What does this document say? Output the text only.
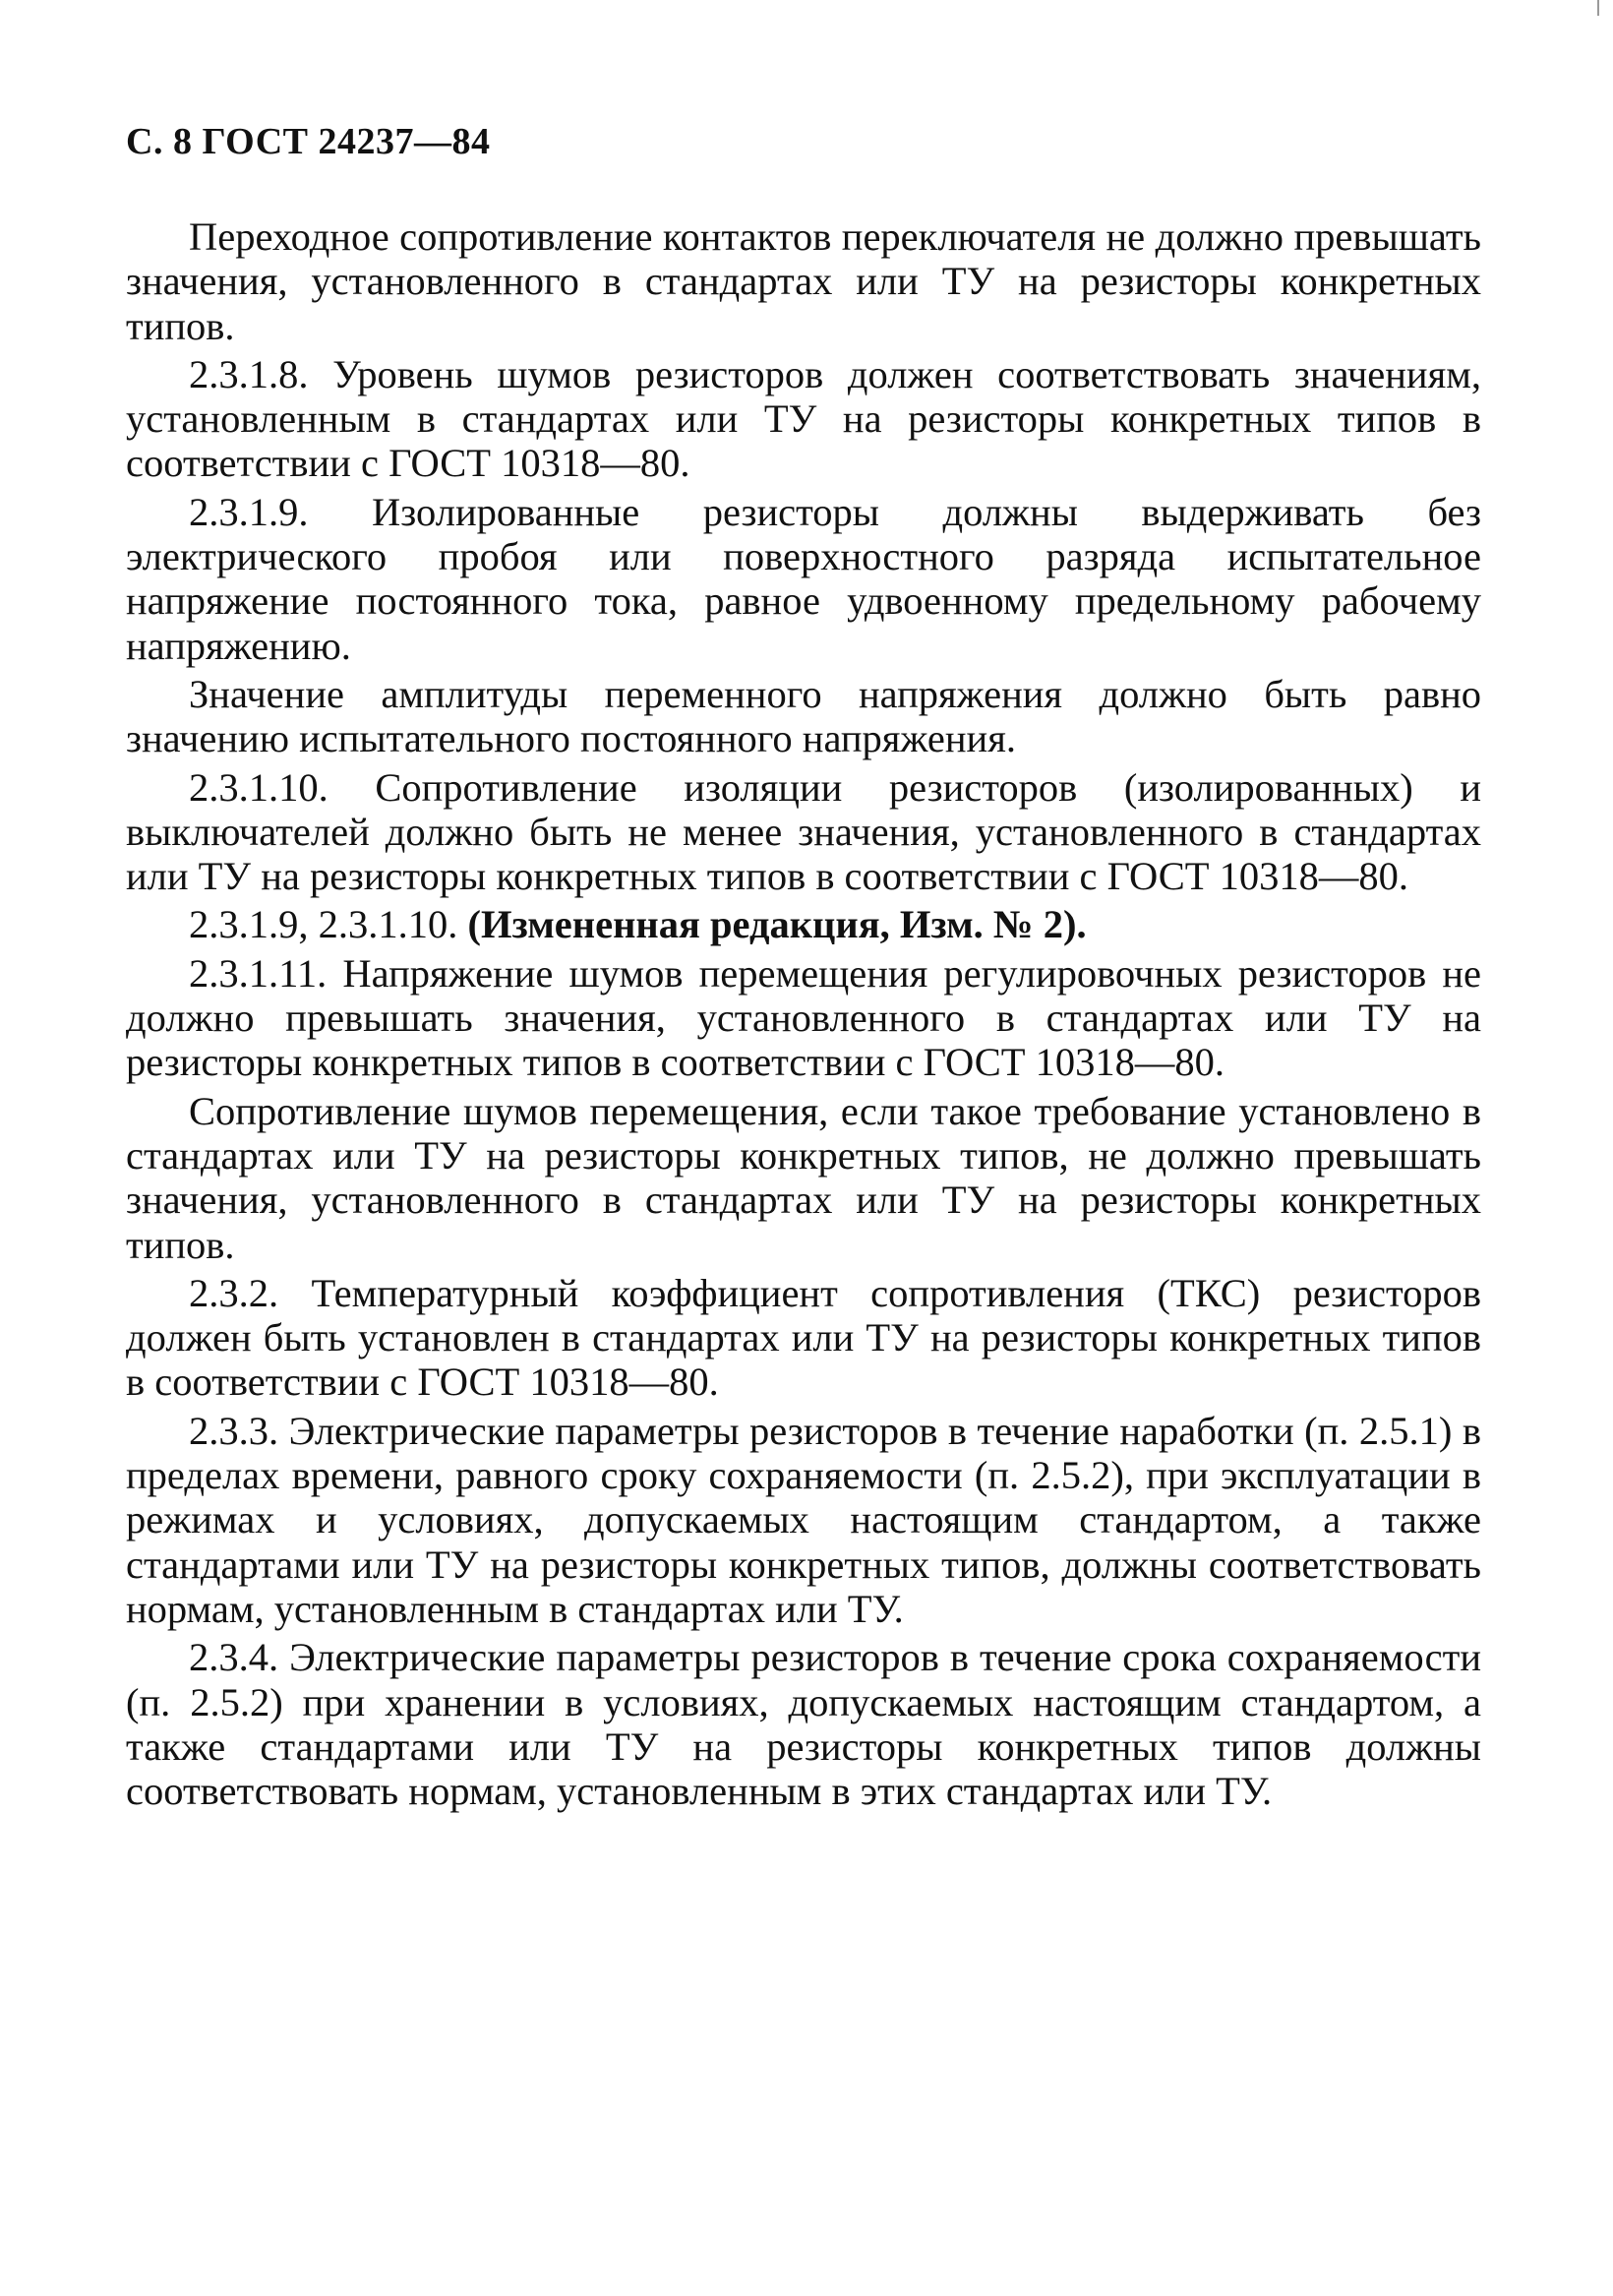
С. 8 ГОСТ 24237—84

Переходное сопротивление контактов переключателя не должно превышать значения, установленного в стандартах или ТУ на резисторы конкретных типов.

2.3.1.8. Уровень шумов резисторов должен соответствовать значениям, установленным в стандартах или ТУ на резисторы конкретных типов в соответствии с ГОСТ 10318—80.

2.3.1.9. Изолированные резисторы должны выдерживать без электрического пробоя или поверхностного разряда испытательное напряжение постоянного тока, равное удвоенному предельному рабочему напряжению.

Значение амплитуды переменного напряжения должно быть равно значению испытательного постоянного напряжения.

2.3.1.10. Сопротивление изоляции резисторов (изолированных) и выключателей должно быть не менее значения, установленного в стандартах или ТУ на резисторы конкретных типов в соответствии с ГОСТ 10318—80.

2.3.1.9, 2.3.1.10. (Измененная редакция, Изм. № 2).

2.3.1.11. Напряжение шумов перемещения регулировочных резисторов не должно превышать значения, установленного в стандартах или ТУ на резисторы конкретных типов в соответствии с ГОСТ 10318—80.

Сопротивление шумов перемещения, если такое требование установлено в стандартах или ТУ на резисторы конкретных типов, не должно превышать значения, установленного в стандартах или ТУ на резисторы конкретных типов.

2.3.2. Температурный коэффициент сопротивления (ТКС) резисторов должен быть установлен в стандартах или ТУ на резисторы конкретных типов в соответствии с ГОСТ 10318—80.

2.3.3. Электрические параметры резисторов в течение наработки (п. 2.5.1) в пределах времени, равного сроку сохраняемости (п. 2.5.2), при эксплуатации в режимах и условиях, допускаемых настоящим стандартом, а также стандартами или ТУ на резисторы конкретных типов, должны соответствовать нормам, установленным в стандартах или ТУ.

2.3.4. Электрические параметры резисторов в течение срока сохраняемости (п. 2.5.2) при хранении в условиях, допускаемых настоящим стандартом, а также стандартами или ТУ на резисторы конкретных типов должны соответствовать нормам, установленным в этих стандартах или ТУ.
